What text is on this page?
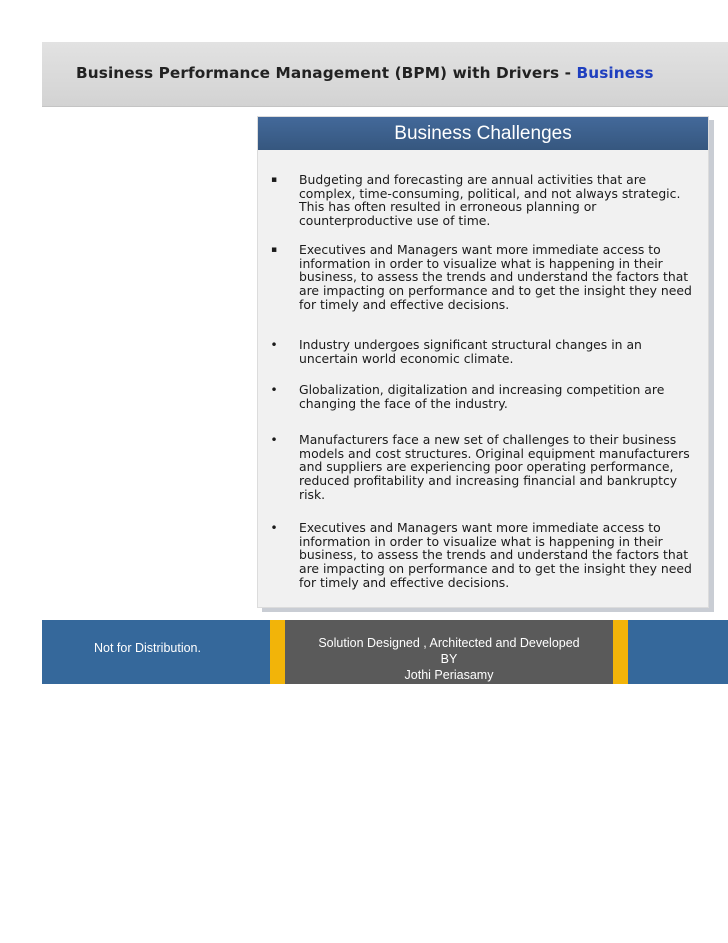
Business Performance Management (BPM) with Drivers - Business
Business Challenges
▪ Budgeting and forecasting are annual activities that are complex, time-consuming, political, and not always strategic. This has often resulted in erroneous planning or counterproductive use of time.
▪ Executives and Managers want more immediate access to information in order to visualize what is happening in their business, to assess the trends and understand the factors that are impacting on performance and to get the insight they need for timely and effective decisions.
• Industry undergoes significant structural changes in an uncertain world economic climate.
• Globalization, digitalization and increasing competition are changing the face of the industry.
• Manufacturers face a new set of challenges to their business models and cost structures. Original equipment manufacturers and suppliers are experiencing poor operating performance, reduced profitability and increasing financial and bankruptcy risk.
• Executives and Managers want more immediate access to information in order to visualize what is happening in their business, to assess the trends and understand the factors that are impacting on performance and to get the insight they need for timely and effective decisions.
Not for Distribution.	Solution Designed , Architected and Developed
BY
Jothi Periasamy
